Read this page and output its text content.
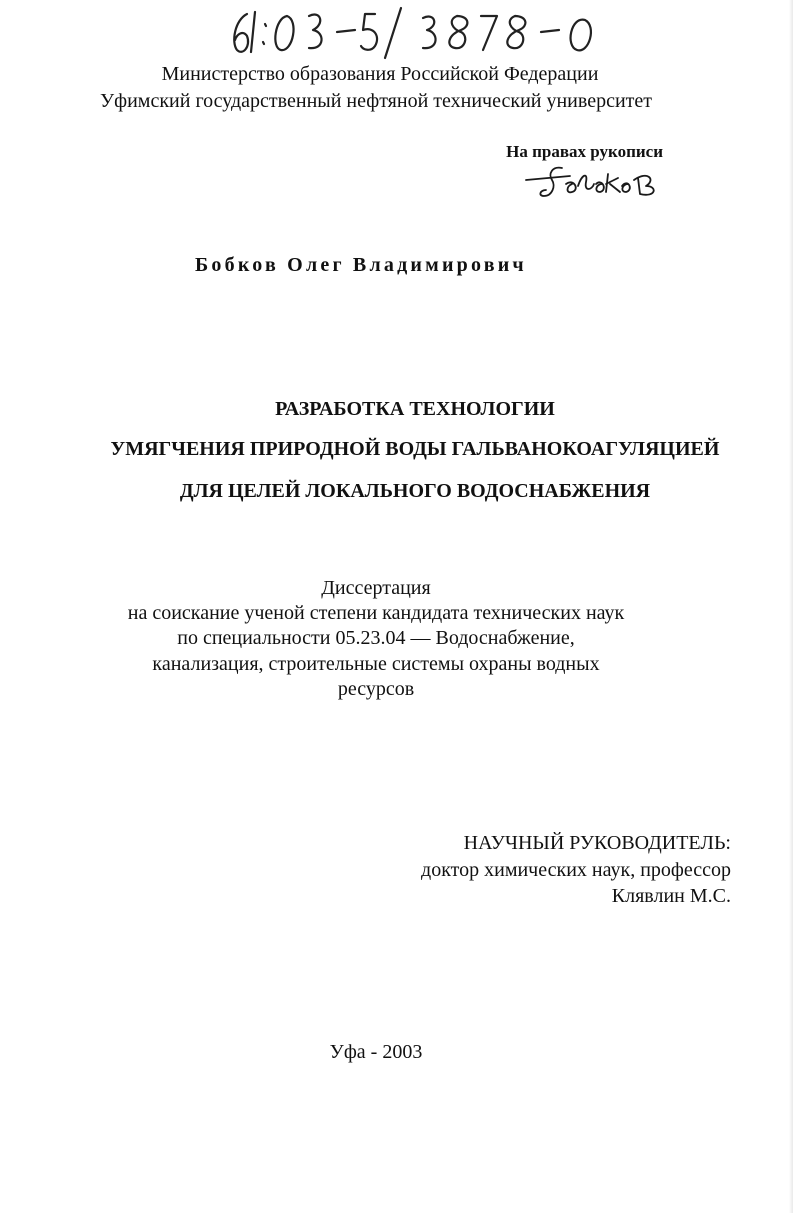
Министерство образования Российской Федерации
Уфимский государственный нефтяной технический университет
На правах рукописи
Бобков Олег Владимирович
РАЗРАБОТКА ТЕХНОЛОГИИ
УМЯГЧЕНИЯ ПРИРОДНОЙ ВОДЫ ГАЛЬВАНОКОАГУЛЯЦИЕЙ
ДЛЯ ЦЕЛЕЙ ЛОКАЛЬНОГО ВОДОСНАБЖЕНИЯ
Диссертация
на соискание ученой степени кандидата технических наук
по специальности 05.23.04 — Водоснабжение,
канализация, строительные системы охраны водных
ресурсов
НАУЧНЫЙ РУКОВОДИТЕЛЬ:
доктор химических наук, профессор
Клявлин М.С.
Уфа - 2003
